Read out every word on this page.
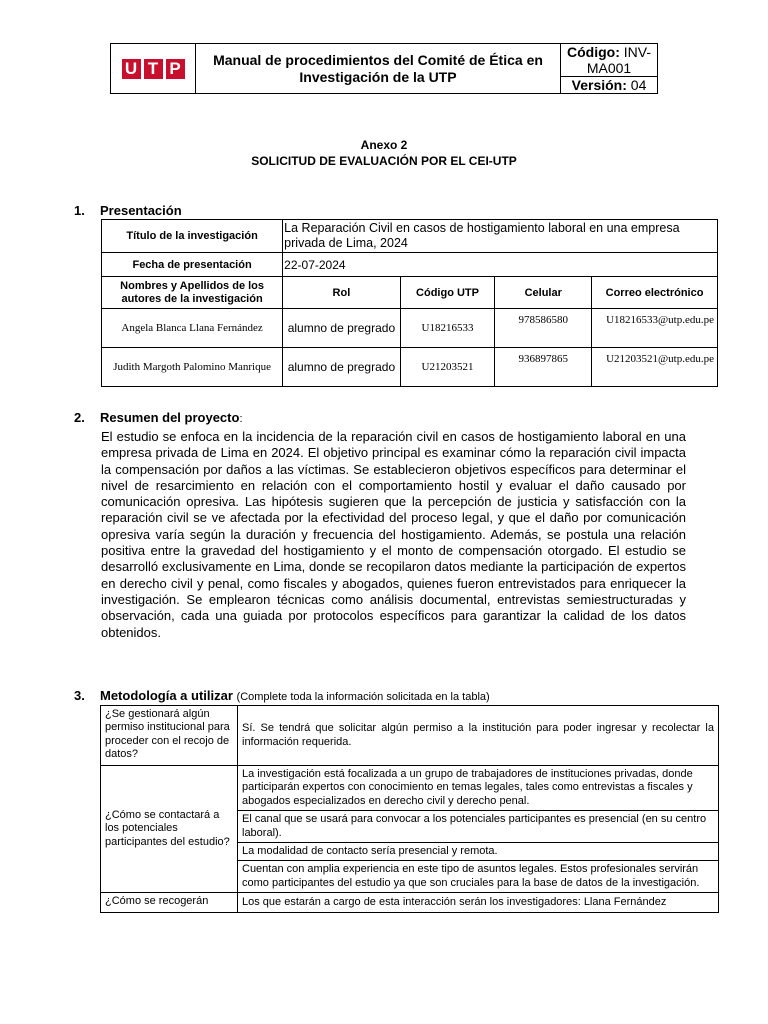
U T P	Manual de procedimientos del Comité de Ética en Investigación de la UTP	Código: INV-MA001
Versión: 04
Anexo 2
SOLICITUD DE EVALUACIÓN POR EL CEI-UTP
1. Presentación
Título de la investigación	La Reparación Civil en casos de hostigamiento laboral en una empresa privada de Lima, 2024			
Fecha de presentación	22-07-2024			
Nombres y Apellidos de los autores de la investigación	Rol	Código UTP	Celular	Correo electrónico
Angela Blanca Llana Fernández	alumno de pregrado	U18216533	978586580	U18216533@utp.edu.pe
Judith Margoth Palomino Manrique	alumno de pregrado	U21203521	936897865	U21203521@utp.edu.pe
2. Resumen del proyecto:
El estudio se enfoca en la incidencia de la reparación civil en casos de hostigamiento laboral en una empresa privada de Lima en 2024. El objetivo principal es examinar cómo la reparación civil impacta la compensación por daños a las víctimas. Se establecieron objetivos específicos para determinar el nivel de resarcimiento en relación con el comportamiento hostil y evaluar el daño causado por comunicación opresiva. Las hipótesis sugieren que la percepción de justicia y satisfacción con la reparación civil se ve afectada por la efectividad del proceso legal, y que el daño por comunicación opresiva varía según la duración y frecuencia del hostigamiento. Además, se postula una relación positiva entre la gravedad del hostigamiento y el monto de compensación otorgado. El estudio se desarrolló exclusivamente en Lima, donde se recopilaron datos mediante la participación de expertos en derecho civil y penal, como fiscales y abogados, quienes fueron entrevistados para enriquecer la investigación. Se emplearon técnicas como análisis documental, entrevistas semiestructuradas y observación, cada una guiada por protocolos específicos para garantizar la calidad de los datos obtenidos.
3. Metodología a utilizar (Complete toda la información solicitada en la tabla)
¿Se gestionará algún permiso institucional para proceder con el recojo de datos?	Sí. Se tendrá que solicitar algún permiso a la institución para poder ingresar y recolectar la información requerida.
¿Cómo se contactará a los potenciales participantes del estudio?	La investigación está focalizada a un grupo de trabajadores de instituciones privadas, donde participarán expertos con conocimiento en temas legales, tales como entrevistas a fiscales y abogados especializados en derecho civil y derecho penal.
	El canal que se usará para convocar a los potenciales participantes es presencial (en su centro laboral).
	La modalidad de contacto sería presencial y remota.
	Cuentan con amplia experiencia en este tipo de asuntos legales. Estos profesionales servirán como participantes del estudio ya que son cruciales para la base de datos de la investigación.
¿Cómo se recogerán	Los que estarán a cargo de esta interacción serán los investigadores: Llana Fernández
